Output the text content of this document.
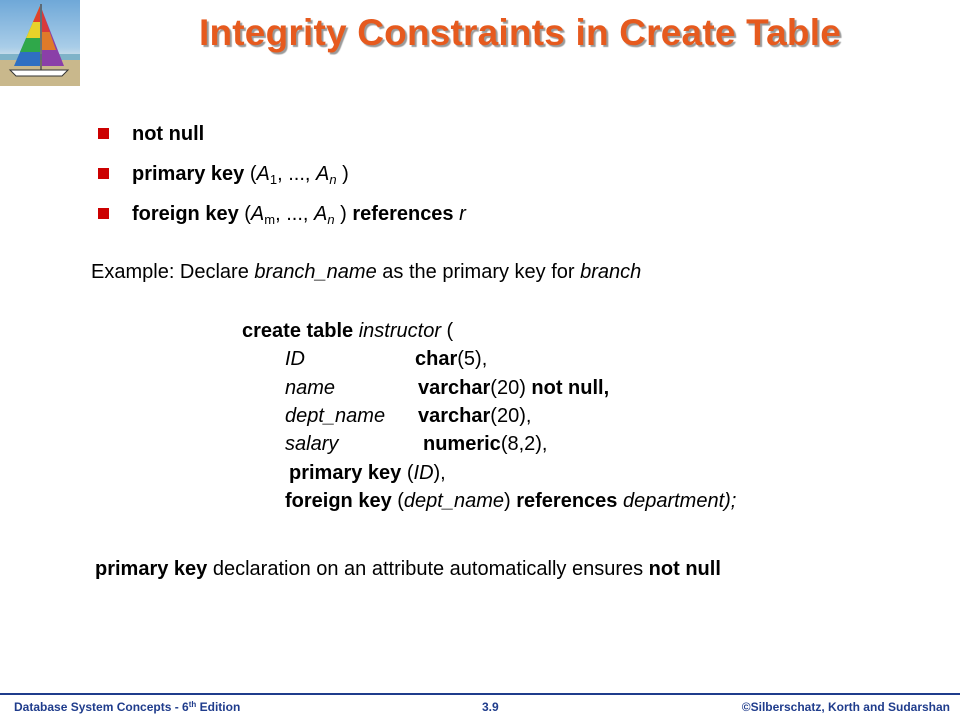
Integrity Constraints in Create Table
not null
primary key ($A_1$, ..., $A_n$ )
foreign key ($A_m$, ..., $A_n$ ) references r
Example: Declare branch_name as the primary key for branch
create table instructor (
ID	char(5),
name	varchar(20) not null,
dept_name varchar(20),
salary	numeric(8,2),
primary key (ID),
foreign key (dept_name) references department);
primary key declaration on an attribute automatically ensures not null
Database System Concepts - 6th Edition	3.9	©Silberschatz, Korth and Sudarshan
